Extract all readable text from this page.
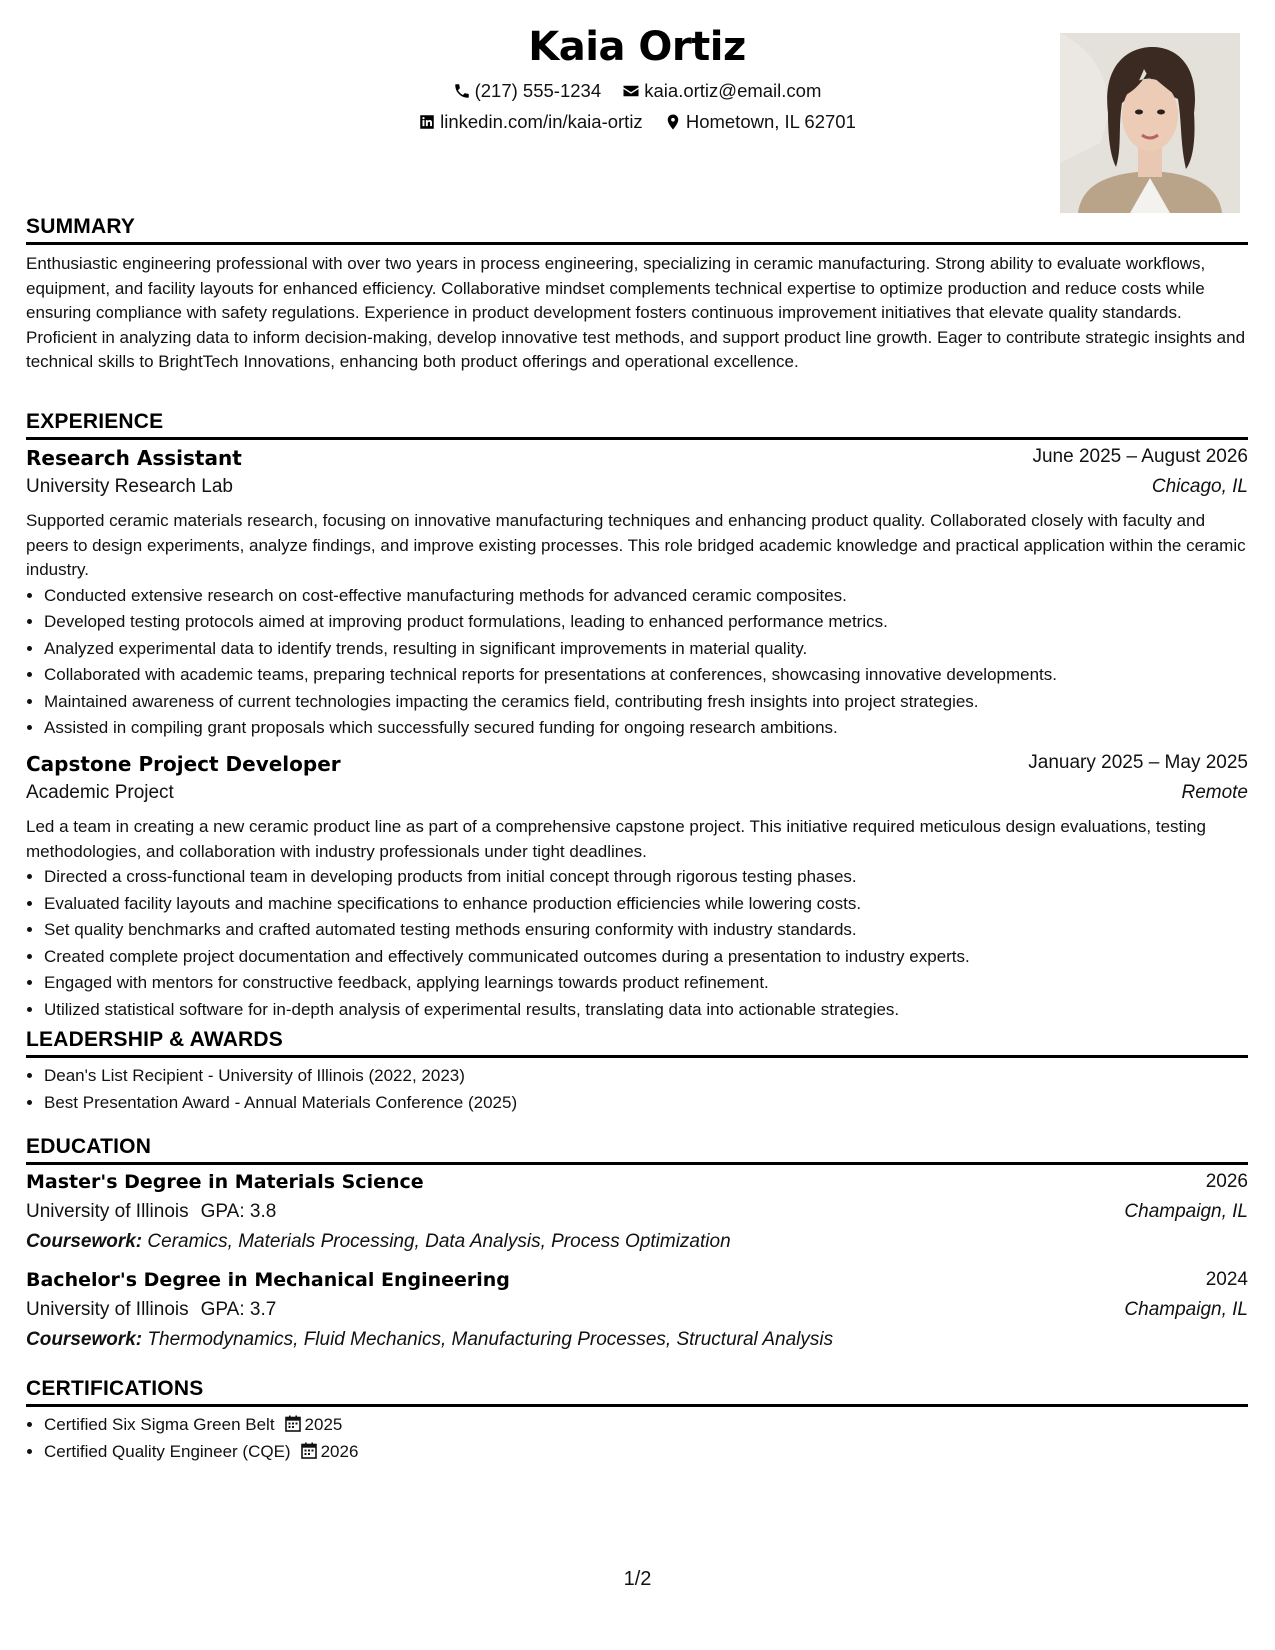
Kaia Ortiz
(217) 555-1234
kaia.ortiz@email.com
linkedin.com/in/kaia-ortiz
Hometown, IL 62701
SUMMARY
Enthusiastic engineering professional with over two years in process engineering, specializing in ceramic manufacturing. Strong ability to evaluate workflows, equipment, and facility layouts for enhanced efficiency. Collaborative mindset complements technical expertise to optimize production and reduce costs while ensuring compliance with safety regulations. Experience in product development fosters continuous improvement initiatives that elevate quality standards. Proficient in analyzing data to inform decision-making, develop innovative test methods, and support product line growth. Eager to contribute strategic insights and technical skills to BrightTech Innovations, enhancing both product offerings and operational excellence.
EXPERIENCE
Research Assistant	June 2025 – August 2026
University Research Lab	Chicago, IL
Supported ceramic materials research, focusing on innovative manufacturing techniques and enhancing product quality. Collaborated closely with faculty and peers to design experiments, analyze findings, and improve existing processes. This role bridged academic knowledge and practical application within the ceramic industry.
• Conducted extensive research on cost-effective manufacturing methods for advanced ceramic composites.
• Developed testing protocols aimed at improving product formulations, leading to enhanced performance metrics.
• Analyzed experimental data to identify trends, resulting in significant improvements in material quality.
• Collaborated with academic teams, preparing technical reports for presentations at conferences, showcasing innovative developments.
• Maintained awareness of current technologies impacting the ceramics field, contributing fresh insights into project strategies.
• Assisted in compiling grant proposals which successfully secured funding for ongoing research ambitions.
Capstone Project Developer	January 2025 – May 2025
Academic Project	Remote
Led a team in creating a new ceramic product line as part of a comprehensive capstone project. This initiative required meticulous design evaluations, testing methodologies, and collaboration with industry professionals under tight deadlines.
• Directed a cross-functional team in developing products from initial concept through rigorous testing phases.
• Evaluated facility layouts and machine specifications to enhance production efficiencies while lowering costs.
• Set quality benchmarks and crafted automated testing methods ensuring conformity with industry standards.
• Created complete project documentation and effectively communicated outcomes during a presentation to industry experts.
• Engaged with mentors for constructive feedback, applying learnings towards product refinement.
• Utilized statistical software for in-depth analysis of experimental results, translating data into actionable strategies.
LEADERSHIP & AWARDS
• Dean's List Recipient - University of Illinois (2022, 2023)
• Best Presentation Award - Annual Materials Conference (2025)
EDUCATION
Master's Degree in Materials Science	2026
University of Illinois GPA: 3.8	Champaign, IL
Coursework: Ceramics, Materials Processing, Data Analysis, Process Optimization
Bachelor's Degree in Mechanical Engineering	2024
University of Illinois GPA: 3.7	Champaign, IL
Coursework: Thermodynamics, Fluid Mechanics, Manufacturing Processes, Structural Analysis
CERTIFICATIONS
• Certified Six Sigma Green Belt 2025
• Certified Quality Engineer (CQE) 2026
1/2
